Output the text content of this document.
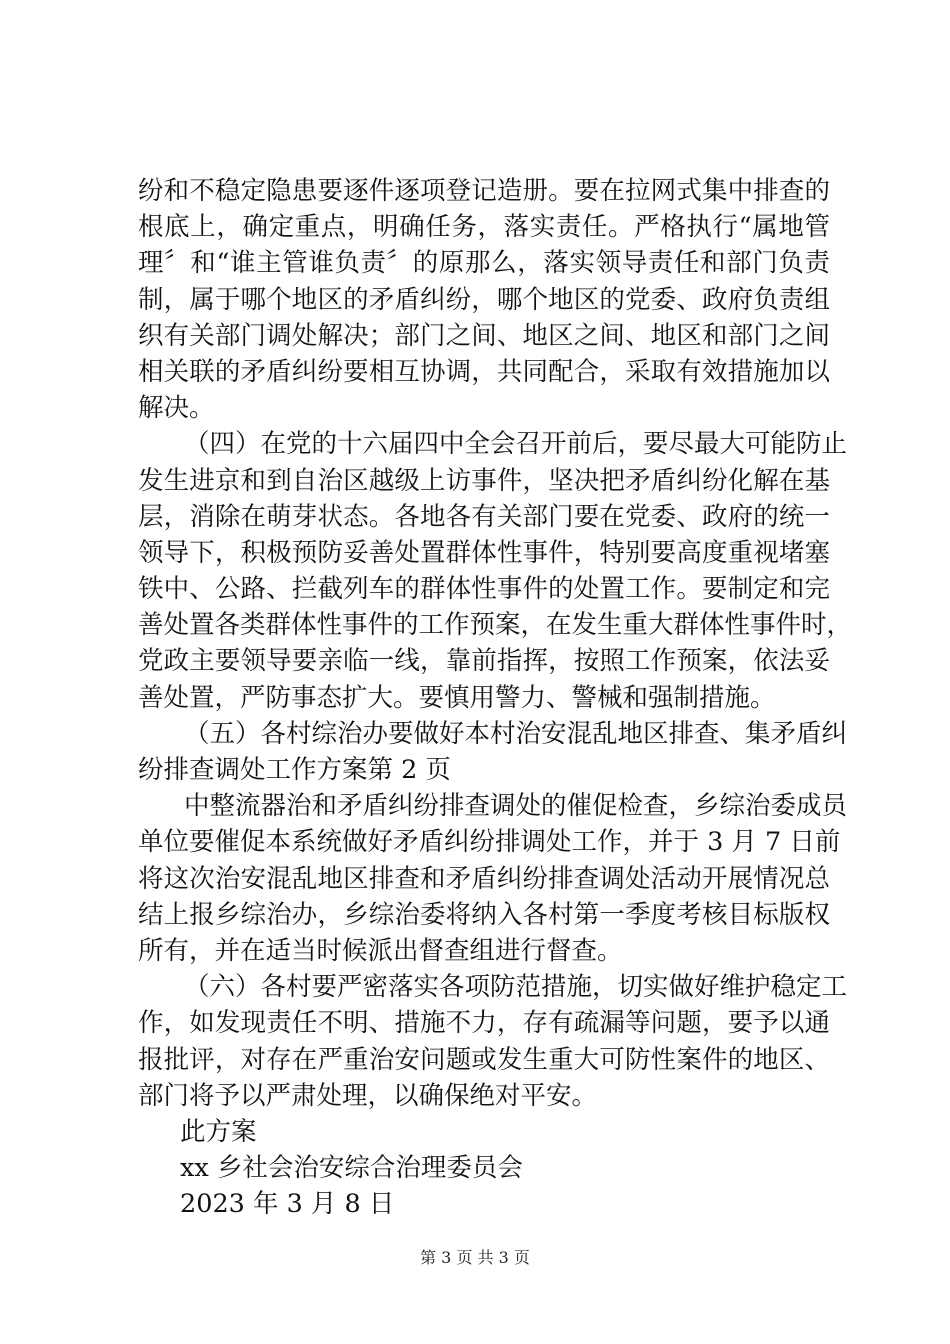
纷和不稳定隐患要逐件逐项登记造册。要在拉网式集中排查的
根底上，确定重点，明确任务，落实责任。严格执行“属地管
理〞和“谁主管谁负责〞的原那么，落实领导责任和部门负责
制，属于哪个地区的矛盾纠纷，哪个地区的党委、政府负责组
织有关部门调处解决；部门之间、地区之间、地区和部门之间
相关联的矛盾纠纷要相互协调，共同配合，采取有效措施加以
解决。
（四）在党的十六届四中全会召开前后，要尽最大可能防止
发生进京和到自治区越级上访事件，坚决把矛盾纠纷化解在基
层，消除在萌芽状态。各地各有关部门要在党委、政府的统一
领导下，积极预防妥善处置群体性事件，特别要高度重视堵塞
铁中、公路、拦截列车的群体性事件的处置工作。要制定和完
善处置各类群体性事件的工作预案，在发生重大群体性事件时，
党政主要领导要亲临一线，靠前指挥，按照工作预案，依法妥
善处置，严防事态扩大。要慎用警力、警械和强制措施。
（五）各村综治办要做好本村治安混乱地区排查、集矛盾纠
纷排查调处工作方案第 2 页
中整流器治和矛盾纠纷排查调处的催促检查，乡综治委成员
单位要催促本系统做好矛盾纠纷排调处工作，并于 3 月 7 日前
将这次治安混乱地区排查和矛盾纠纷排查调处活动开展情况总
结上报乡综治办，乡综治委将纳入各村第一季度考核目标版权
所有，并在适当时候派出督查组进行督查。
（六）各村要严密落实各项防范措施，切实做好维护稳定工
作，如发现责任不明、措施不力，存有疏漏等问题，要予以通
报批评，对存在严重治安问题或发生重大可防性案件的地区、
部门将予以严肃处理，以确保绝对平安。
此方案
xx 乡社会治安综合治理委员会
2023 年 3 月 8 日
第 3 页 共 3 页
